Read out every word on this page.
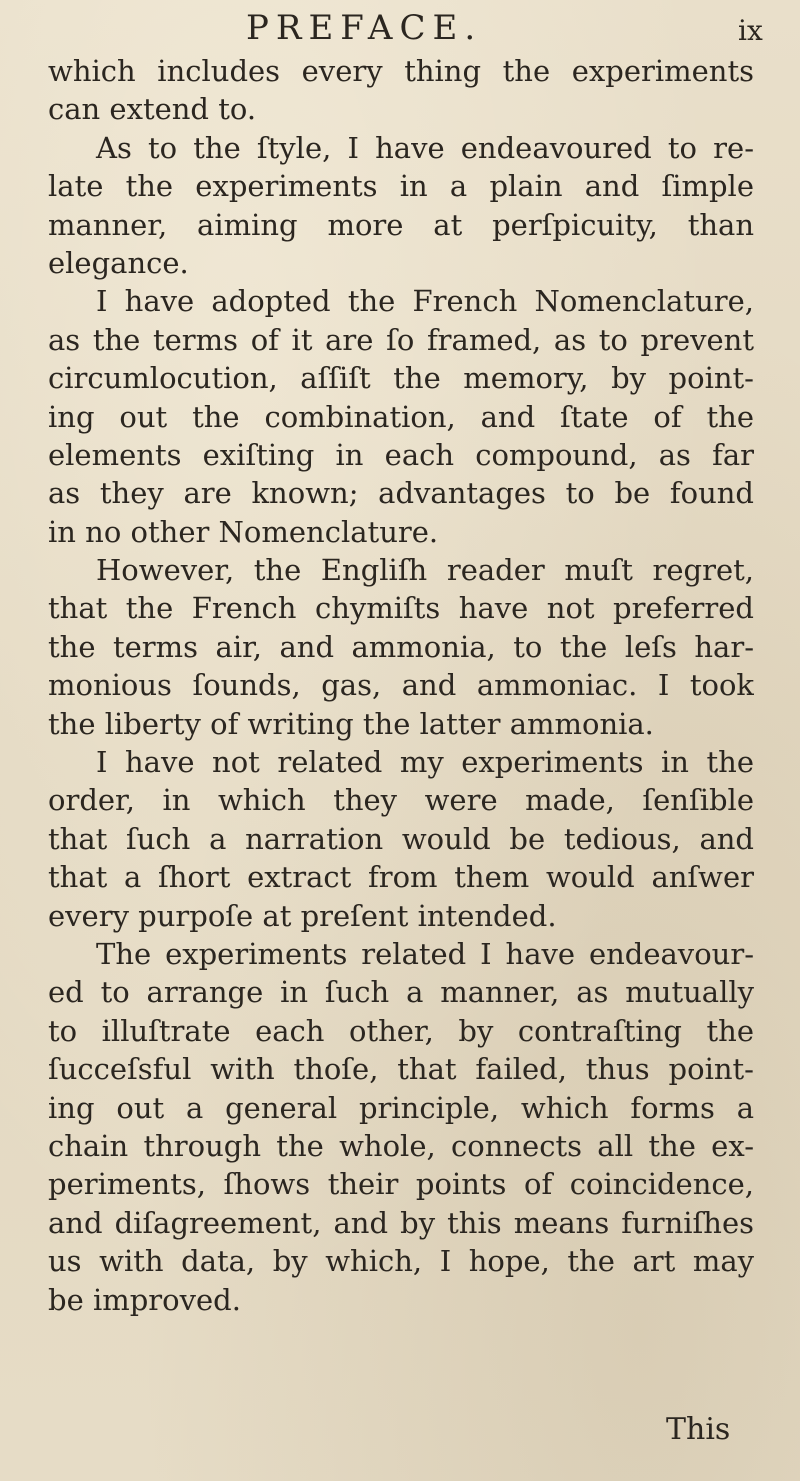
PREFACE.	ix
which includes every thing the experiments
can extend to.
As to the ſtyle, I have endeavoured to re-
late the experiments in a plain and ſimple
manner, aiming more at perſpicuity, than
elegance.
I have adopted the French Nomenclature,
as the terms of it are ſo framed, as to prevent
circumlocution, aſſiſt the memory, by point-
ing out the combination, and ſtate of the
elements exiſting in each compound, as far
as they are known; advantages to be found
in no other Nomenclature.
However, the Engliſh reader muſt regret,
that the French chymiſts have not preferred
the terms air, and ammonia, to the leſs har-
monious ſounds, gas, and ammoniac. I took
the liberty of writing the latter ammonia.
I have not related my experiments in the
order, in which they were made, ſenſible
that ſuch a narration would be tedious, and
that a ſhort extract from them would anſwer
every purpoſe at preſent intended.
The experiments related I have endeavour-
ed to arrange in ſuch a manner, as mutually
to illuſtrate each other, by contraſting the
ſucceſsful with thoſe, that failed, thus point-
ing out a general principle, which forms a
chain through the whole, connects all the ex-
periments, ſhows their points of coincidence,
and diſagreement, and by this means furniſhes
us with data, by which, I hope, the art may
be improved.
This
